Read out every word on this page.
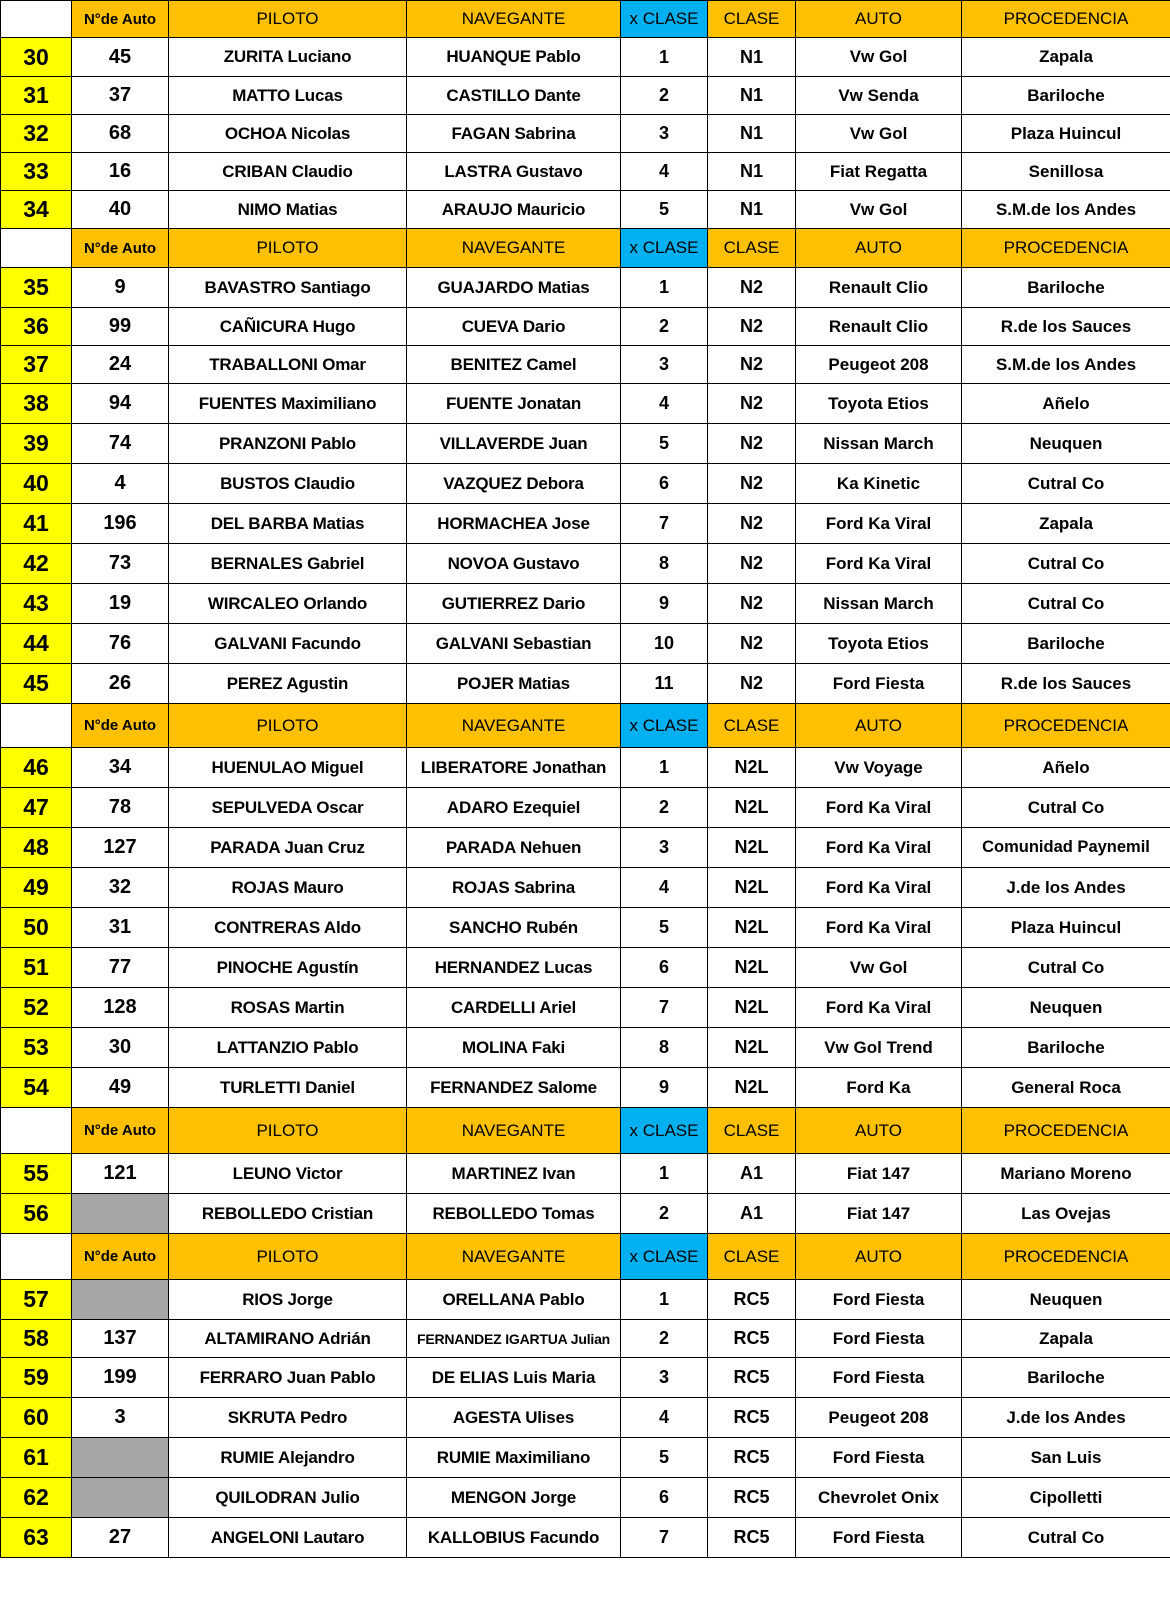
	N°de Auto	PILOTO	NAVEGANTE	x CLASE	CLASE	AUTO	PROCEDENCIA
30	45	ZURITA Luciano	HUANQUE Pablo	1	N1	Vw Gol	Zapala
31	37	MATTO Lucas	CASTILLO Dante	2	N1	Vw Senda	Bariloche
32	68	OCHOA Nicolas	FAGAN Sabrina	3	N1	Vw Gol	Plaza Huincul
33	16	CRIBAN Claudio	LASTRA Gustavo	4	N1	Fiat Regatta	Senillosa
34	40	NIMO Matias	ARAUJO Mauricio	5	N1	Vw Gol	S.M.de los Andes
	N°de Auto	PILOTO	NAVEGANTE	x CLASE	CLASE	AUTO	PROCEDENCIA
35	9	BAVASTRO Santiago	GUAJARDO Matias	1	N2	Renault Clio	Bariloche
36	99	CAÑICURA Hugo	CUEVA Dario	2	N2	Renault Clio	R.de los Sauces
37	24	TRABALLONI Omar	BENITEZ Camel	3	N2	Peugeot 208	S.M.de los Andes
38	94	FUENTES Maximiliano	FUENTE Jonatan	4	N2	Toyota Etios	Añelo
39	74	PRANZONI Pablo	VILLAVERDE Juan	5	N2	Nissan March	Neuquen
40	4	BUSTOS Claudio	VAZQUEZ Debora	6	N2	Ka Kinetic	Cutral Co
41	196	DEL BARBA Matias	HORMACHEA Jose	7	N2	Ford Ka Viral	Zapala
42	73	BERNALES Gabriel	NOVOA Gustavo	8	N2	Ford Ka Viral	Cutral Co
43	19	WIRCALEO Orlando	GUTIERREZ Dario	9	N2	Nissan March	Cutral Co
44	76	GALVANI Facundo	GALVANI Sebastian	10	N2	Toyota Etios	Bariloche
45	26	PEREZ Agustin	POJER Matias	11	N2	Ford Fiesta	R.de los Sauces
	N°de Auto	PILOTO	NAVEGANTE	x CLASE	CLASE	AUTO	PROCEDENCIA
46	34	HUENULAO Miguel	LIBERATORE Jonathan	1	N2L	Vw Voyage	Añelo
47	78	SEPULVEDA Oscar	ADARO Ezequiel	2	N2L	Ford Ka Viral	Cutral Co
48	127	PARADA Juan Cruz	PARADA Nehuen	3	N2L	Ford Ka Viral	Comunidad Paynemil
49	32	ROJAS Mauro	ROJAS Sabrina	4	N2L	Ford Ka Viral	J.de los Andes
50	31	CONTRERAS Aldo	SANCHO Rubén	5	N2L	Ford Ka Viral	Plaza Huincul
51	77	PINOCHE Agustín	HERNANDEZ Lucas	6	N2L	Vw Gol	Cutral Co
52	128	ROSAS Martin	CARDELLI Ariel	7	N2L	Ford Ka Viral	Neuquen
53	30	LATTANZIO Pablo	MOLINA Faki	8	N2L	Vw Gol Trend	Bariloche
54	49	TURLETTI Daniel	FERNANDEZ Salome	9	N2L	Ford Ka	General Roca
	N°de Auto	PILOTO	NAVEGANTE	x CLASE	CLASE	AUTO	PROCEDENCIA
55	121	LEUNO Victor	MARTINEZ Ivan	1	A1	Fiat 147	Mariano Moreno
56		REBOLLEDO Cristian	REBOLLEDO Tomas	2	A1	Fiat 147	Las Ovejas
	N°de Auto	PILOTO	NAVEGANTE	x CLASE	CLASE	AUTO	PROCEDENCIA
57		RIOS Jorge	ORELLANA Pablo	1	RC5	Ford Fiesta	Neuquen
58	137	ALTAMIRANO Adrián	FERNANDEZ IGARTUA Julian	2	RC5	Ford Fiesta	Zapala
59	199	FERRARO Juan Pablo	DE ELIAS Luis Maria	3	RC5	Ford Fiesta	Bariloche
60	3	SKRUTA Pedro	AGESTA Ulises	4	RC5	Peugeot 208	J.de los Andes
61		RUMIE Alejandro	RUMIE Maximiliano	5	RC5	Ford Fiesta	San Luis
62		QUILODRAN Julio	MENGON Jorge	6	RC5	Chevrolet Onix	Cipolletti
63	27	ANGELONI Lautaro	KALLOBIUS Facundo	7	RC5	Ford Fiesta	Cutral Co
